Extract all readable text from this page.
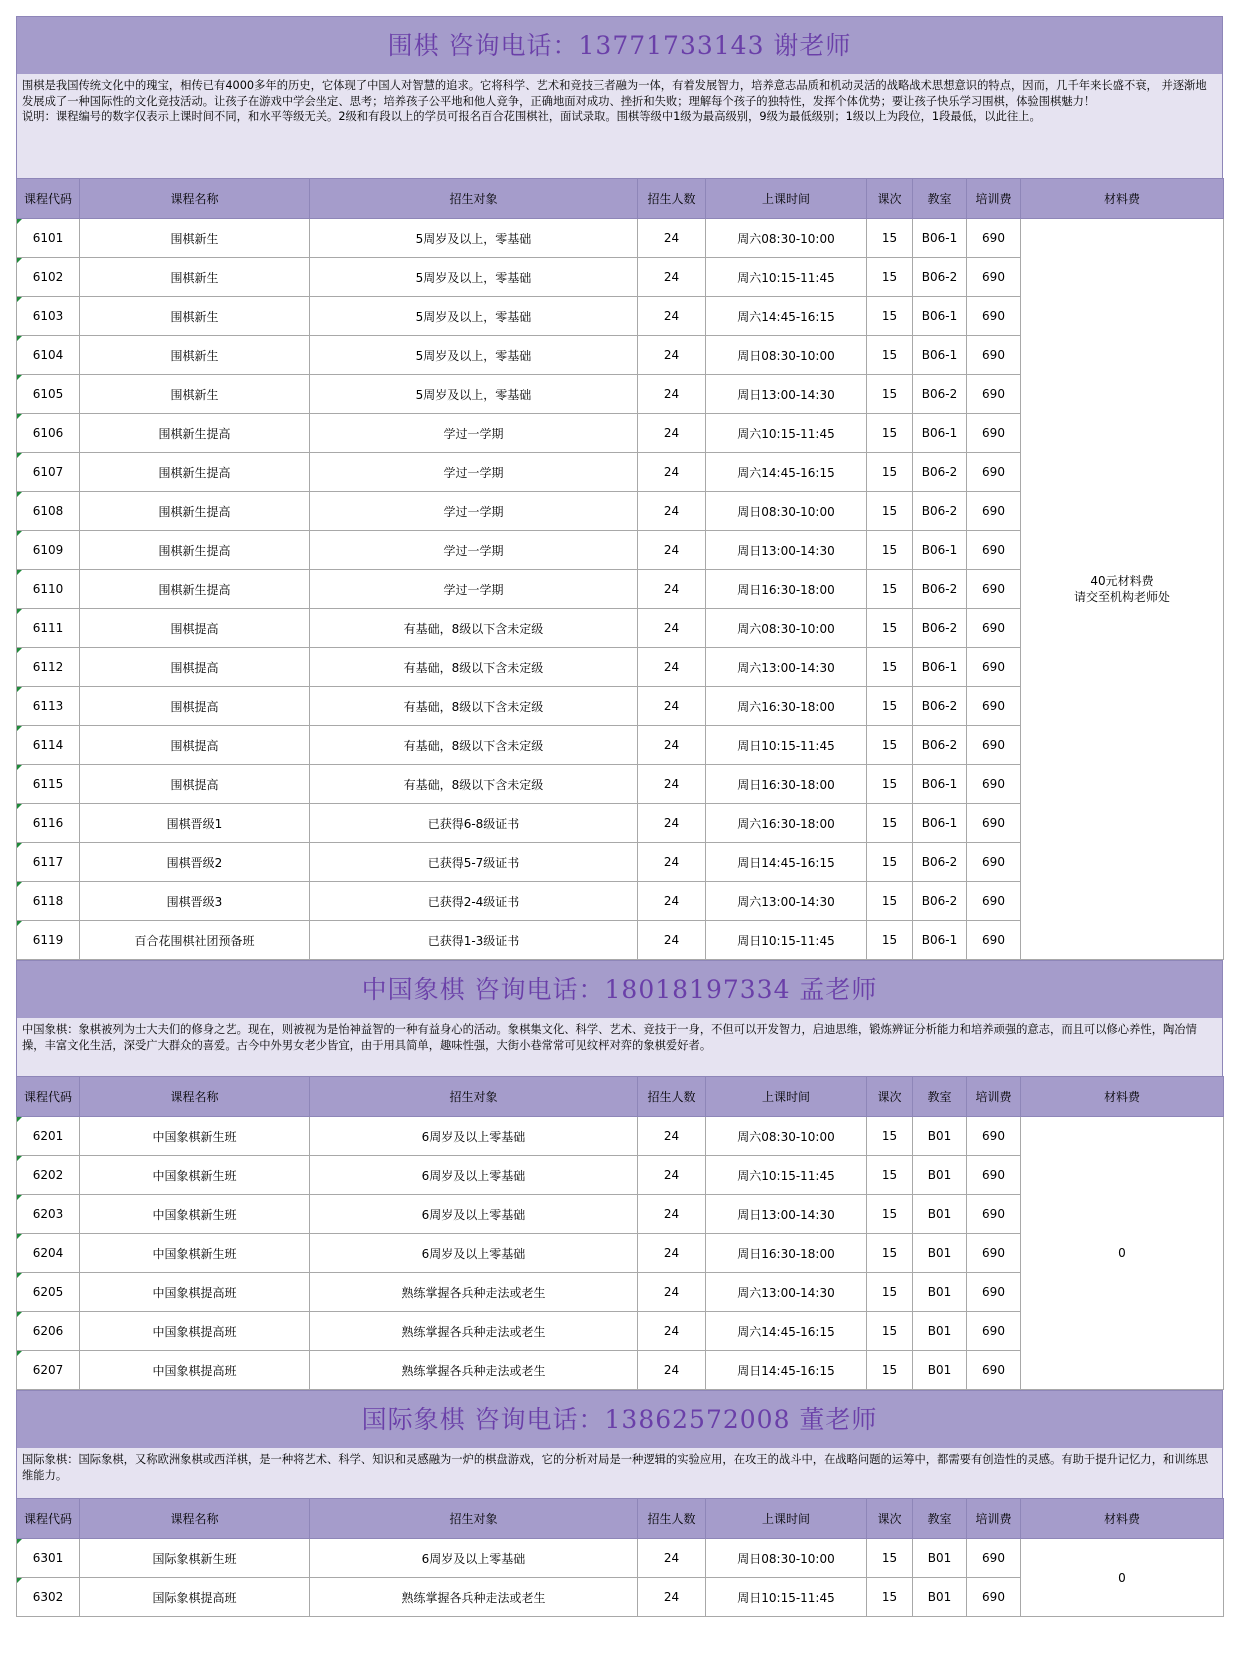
围棋 咨询电话：13771733143 谢老师

围棋是我国传统文化中的瑰宝，相传已有4000多年的历史，它体现了中国人对智慧的追求。它将科学、艺术和竞技三者融为一体，有着发展智力，培养意志品质和机动灵活的战略战术思想意识的特点，因而，几千年来长盛不衰， 并逐渐地发展成了一种国际性的文化竞技活动。让孩子在游戏中学会坐定、思考；培养孩子公平地和他人竞争，正确地面对成功、挫折和失败；理解每个孩子的独特性，发挥个体优势；要让孩子快乐学习围棋，体验围棋魅力！

说明：课程编号的数字仅表示上课时间不同，和水平等级无关。2级和有段以上的学员可报名百合花围棋社，面试录取。围棋等级中1级为最高级别，9级为最低级别；1级以上为段位，1段最低，以此往上。

课程代码	课程名称	招生对象	招生人数	上课时间	课次	教室	培训费	材料费
6101	围棋新生	5周岁及以上，零基础	24	周六08:30-10:00	15	B06-1	690	40元材料费
请交至机构老师处

6102	围棋新生	5周岁及以上，零基础	24	周六10:15-11:45	15	B06-2	690	
6103	围棋新生	5周岁及以上，零基础	24	周六14:45-16:15	15	B06-1	690	
6104	围棋新生	5周岁及以上，零基础	24	周日08:30-10:00	15	B06-1	690	
6105	围棋新生	5周岁及以上，零基础	24	周日13:00-14:30	15	B06-2	690	
6106	围棋新生提高	学过一学期	24	周六10:15-11:45	15	B06-1	690	
6107	围棋新生提高	学过一学期	24	周六14:45-16:15	15	B06-2	690	
6108	围棋新生提高	学过一学期	24	周日08:30-10:00	15	B06-2	690	
6109	围棋新生提高	学过一学期	24	周日13:00-14:30	15	B06-1	690	
6110	围棋新生提高	学过一学期	24	周日16:30-18:00	15	B06-2	690	
6111	围棋提高	有基础，8级以下含未定级	24	周六08:30-10:00	15	B06-2	690	
6112	围棋提高	有基础，8级以下含未定级	24	周六13:00-14:30	15	B06-1	690	
6113	围棋提高	有基础，8级以下含未定级	24	周六16:30-18:00	15	B06-2	690	
6114	围棋提高	有基础，8级以下含未定级	24	周日10:15-11:45	15	B06-2	690	
6115	围棋提高	有基础，8级以下含未定级	24	周日16:30-18:00	15	B06-1	690	
6116	围棋晋级1	已获得6-8级证书	24	周六16:30-18:00	15	B06-1	690	
6117	围棋晋级2	已获得5-7级证书	24	周日14:45-16:15	15	B06-2	690	
6118	围棋晋级3	已获得2-4级证书	24	周六13:00-14:30	15	B06-2	690	
6119	百合花围棋社团预备班	已获得1-3级证书	24	周日10:15-11:45	15	B06-1	690	
中国象棋 咨询电话：18018197334 孟老师

中国象棋：象棋被列为士大夫们的修身之艺。现在，则被视为是怡神益智的一种有益身心的活动。象棋集文化、科学、艺术、竞技于一身，不但可以开发智力，启迪思维，锻炼辨证分析能力和培养顽强的意志，而且可以修心养性，陶冶情操，丰富文化生活，深受广大群众的喜爱。古今中外男女老少皆宜，由于用具简单，趣味性强，大街小巷常常可见纹枰对弈的象棋爱好者。

课程代码	课程名称	招生对象	招生人数	上课时间	课次	教室	培训费	材料费
6201	中国象棋新生班	6周岁及以上零基础	24	周六08:30-10:00	15	B01	690	0

6202	中国象棋新生班	6周岁及以上零基础	24	周六10:15-11:45	15	B01	690	
6203	中国象棋新生班	6周岁及以上零基础	24	周日13:00-14:30	15	B01	690	
6204	中国象棋新生班	6周岁及以上零基础	24	周日16:30-18:00	15	B01	690	
6205	中国象棋提高班	熟练掌握各兵种走法或老生	24	周六13:00-14:30	15	B01	690	
6206	中国象棋提高班	熟练掌握各兵种走法或老生	24	周六14:45-16:15	15	B01	690	
6207	中国象棋提高班	熟练掌握各兵种走法或老生	24	周日14:45-16:15	15	B01	690	
国际象棋 咨询电话：13862572008 董老师

国际象棋：国际象棋，又称欧洲象棋或西洋棋，是一种将艺术、科学、知识和灵感融为一炉的棋盘游戏，它的分析对局是一种逻辑的实验应用，在攻王的战斗中，在战略问题的运筹中，都需要有创造性的灵感。有助于提升记忆力，和训练思维能力。

课程代码	课程名称	招生对象	招生人数	上课时间	课次	教室	培训费	材料费
6301	国际象棋新生班	6周岁及以上零基础	24	周日08:30-10:00	15	B01	690	0

6302	国际象棋提高班	熟练掌握各兵种走法或老生	24	周日10:15-11:45	15	B01	690	
